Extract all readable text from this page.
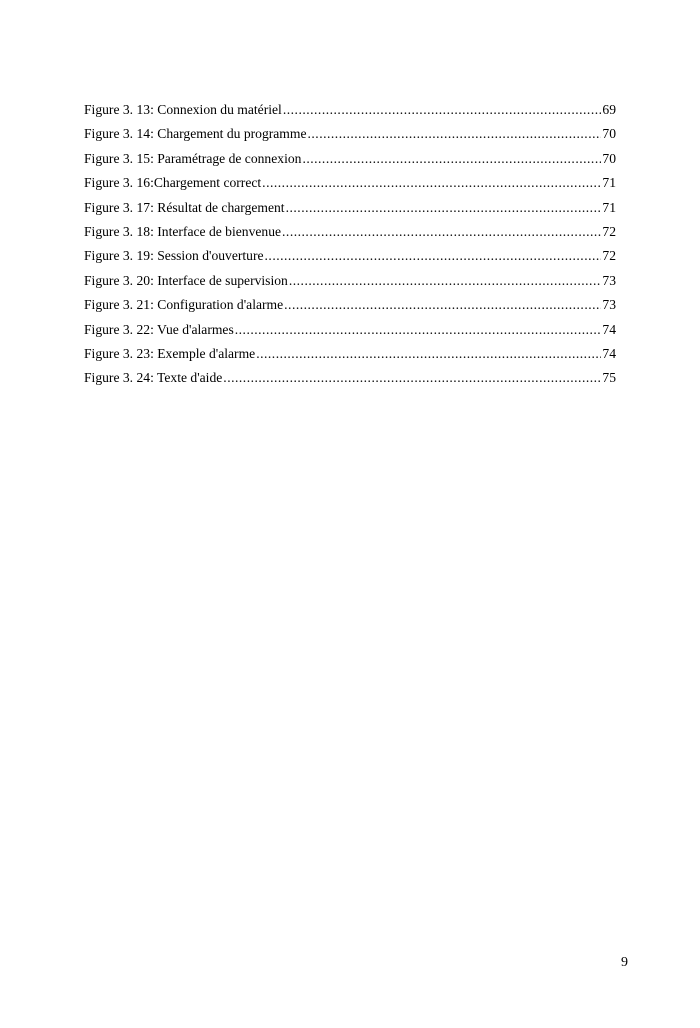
Figure 3. 13: Connexion du matériel .....	69
Figure 3. 14: Chargement du programme .....	70
Figure 3. 15: Paramétrage de connexion .....	70
Figure 3. 16:Chargement correct .....	71
Figure 3. 17: Résultat de chargement .....	71
Figure 3. 18: Interface de bienvenue .....	72
Figure 3. 19: Session d'ouverture .....	72
Figure 3. 20: Interface de supervision .....	73
Figure 3. 21: Configuration d'alarme .....	73
Figure 3. 22: Vue d'alarmes .....	74
Figure 3. 23: Exemple d'alarme .....	74
Figure 3. 24: Texte d'aide .....	75
9
